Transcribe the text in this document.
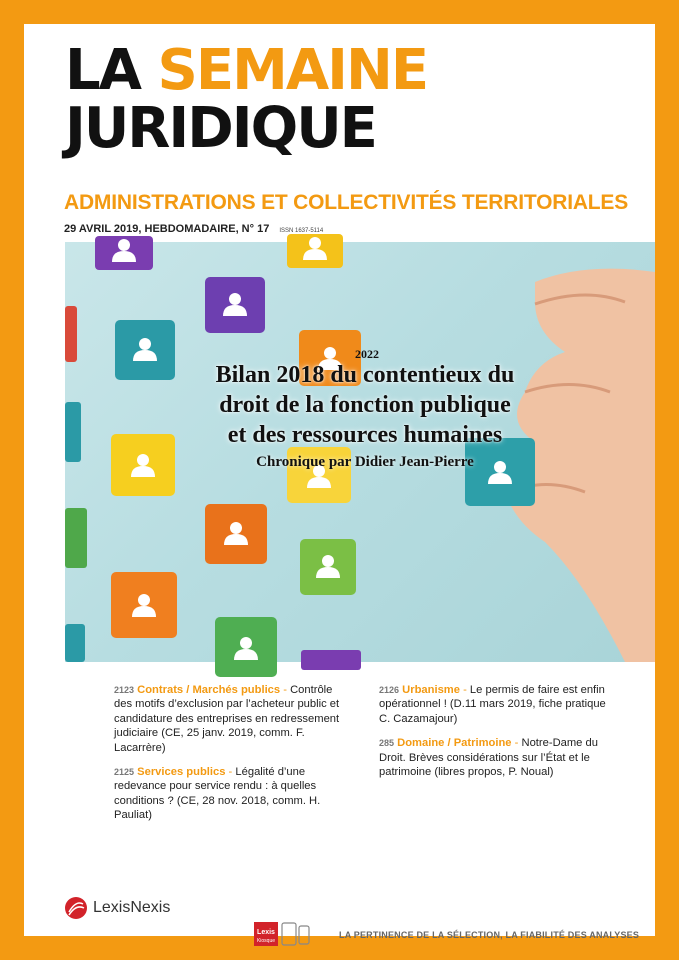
LA SEMAINE
JURIDIQUE
ADMINISTRATIONS ET COLLECTIVITÉS TERRITORIALES
29 AVRIL 2019, HEBDOMADAIRE, N° 17 ISSN 1637-5114
2022
Bilan 2018 du contentieux du
droit de la fonction publique
et des ressources humaines
Chronique par Didier Jean-Pierre
2123 Contrats / Marchés publics - Contrôle des motifs d’exclusion par l’acheteur public et candidature des entreprises en redressement judiciaire (CE, 25 janv. 2019, comm. F. Lacarrère)
2125 Services publics - Légalité d’une redevance pour service rendu : à quelles conditions ? (CE, 28 nov. 2018, comm. H. Pauliat)
2126 Urbanisme - Le permis de faire est enfin opérationnel ! (D.11 mars 2019, fiche pratique C. Cazamajour)
285 Domaine / Patrimoine - Notre-Dame du Droit. Brèves considérations sur l’État et le patrimoine (libres propos, P. Noual)
LexisNexis
Lexis
Kiosque
LA PERTINENCE DE LA SÉLECTION, LA FIABILITÉ DES ANALYSES
